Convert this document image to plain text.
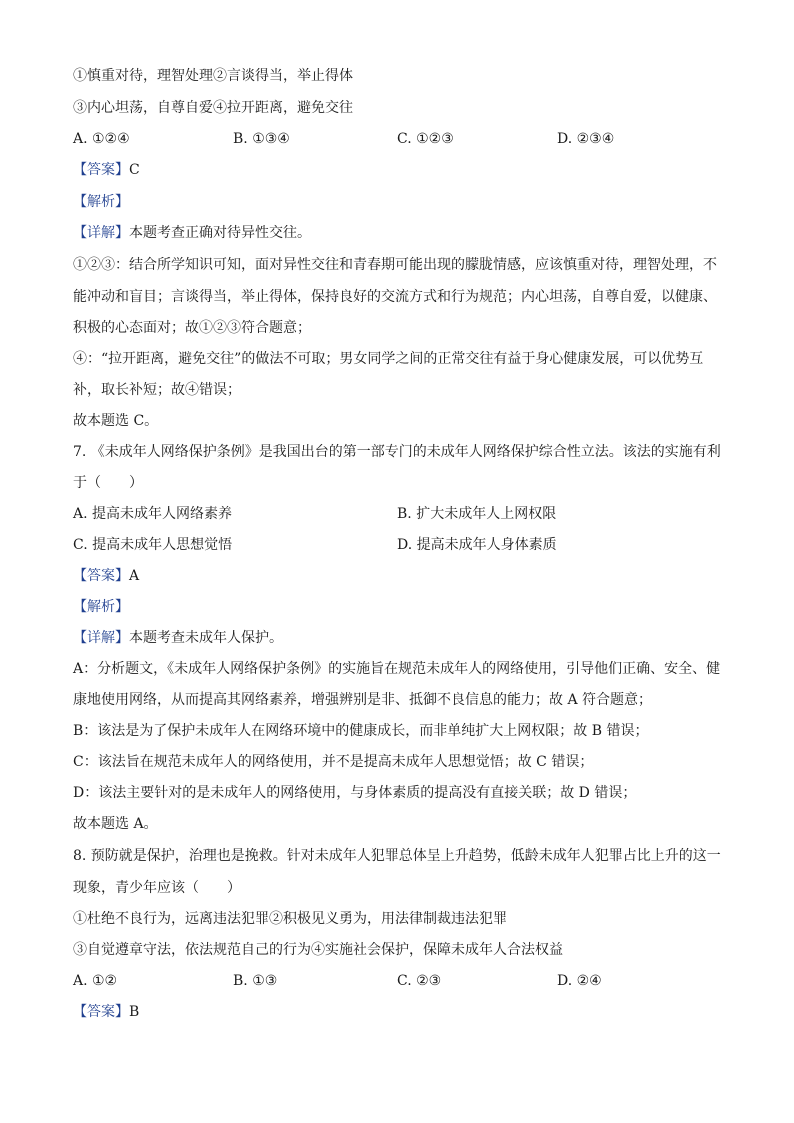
①慎重对待，理智处理②言谈得当，举止得体
③内心坦荡，自尊自爱④拉开距离，避免交往
A. ①②④	B. ①③④	C. ①②③	D. ②③④
【答案】C
【解析】
【详解】本题考查正确对待异性交往。
①②③：结合所学知识可知，面对异性交往和青春期可能出现的朦胧情感，应该慎重对待，理智处理，不
能冲动和盲目；言谈得当，举止得体，保持良好的交流方式和行为规范；内心坦荡，自尊自爱，以健康、
积极的心态面对；故①②③符合题意；
④：“拉开距离，避免交往”的做法不可取；男女同学之间的正常交往有益于身心健康发展，可以优势互
补，取长补短；故④错误；
故本题选 C。
7. 《未成年人网络保护条例》是我国出台的第一部专门的未成年人网络保护综合性立法。该法的实施有利
于（　　）
A. 提高未成年人网络素养	B. 扩大未成年人上网权限
C. 提高未成年人思想觉悟	D. 提高未成年人身体素质
【答案】A
【解析】
【详解】本题考查未成年人保护。
A：分析题文，《未成年人网络保护条例》的实施旨在规范未成年人的网络使用，引导他们正确、安全、健
康地使用网络，从而提高其网络素养，增强辨别是非、抵御不良信息的能力；故 A 符合题意；
B：该法是为了保护未成年人在网络环境中的健康成长，而非单纯扩大上网权限；故 B 错误；
C：该法旨在规范未成年人的网络使用，并不是提高未成年人思想觉悟；故 C 错误；
D：该法主要针对的是未成年人的网络使用，与身体素质的提高没有直接关联；故 D 错误；
故本题选 A。
8. 预防就是保护，治理也是挽救。针对未成年人犯罪总体呈上升趋势，低龄未成年人犯罪占比上升的这一
现象，青少年应该（　　）
①杜绝不良行为，远离违法犯罪②积极见义勇为，用法律制裁违法犯罪
③自觉遵章守法，依法规范自己的行为④实施社会保护，保障未成年人合法权益
A. ①②	B. ①③	C. ②③	D. ②④
【答案】B
